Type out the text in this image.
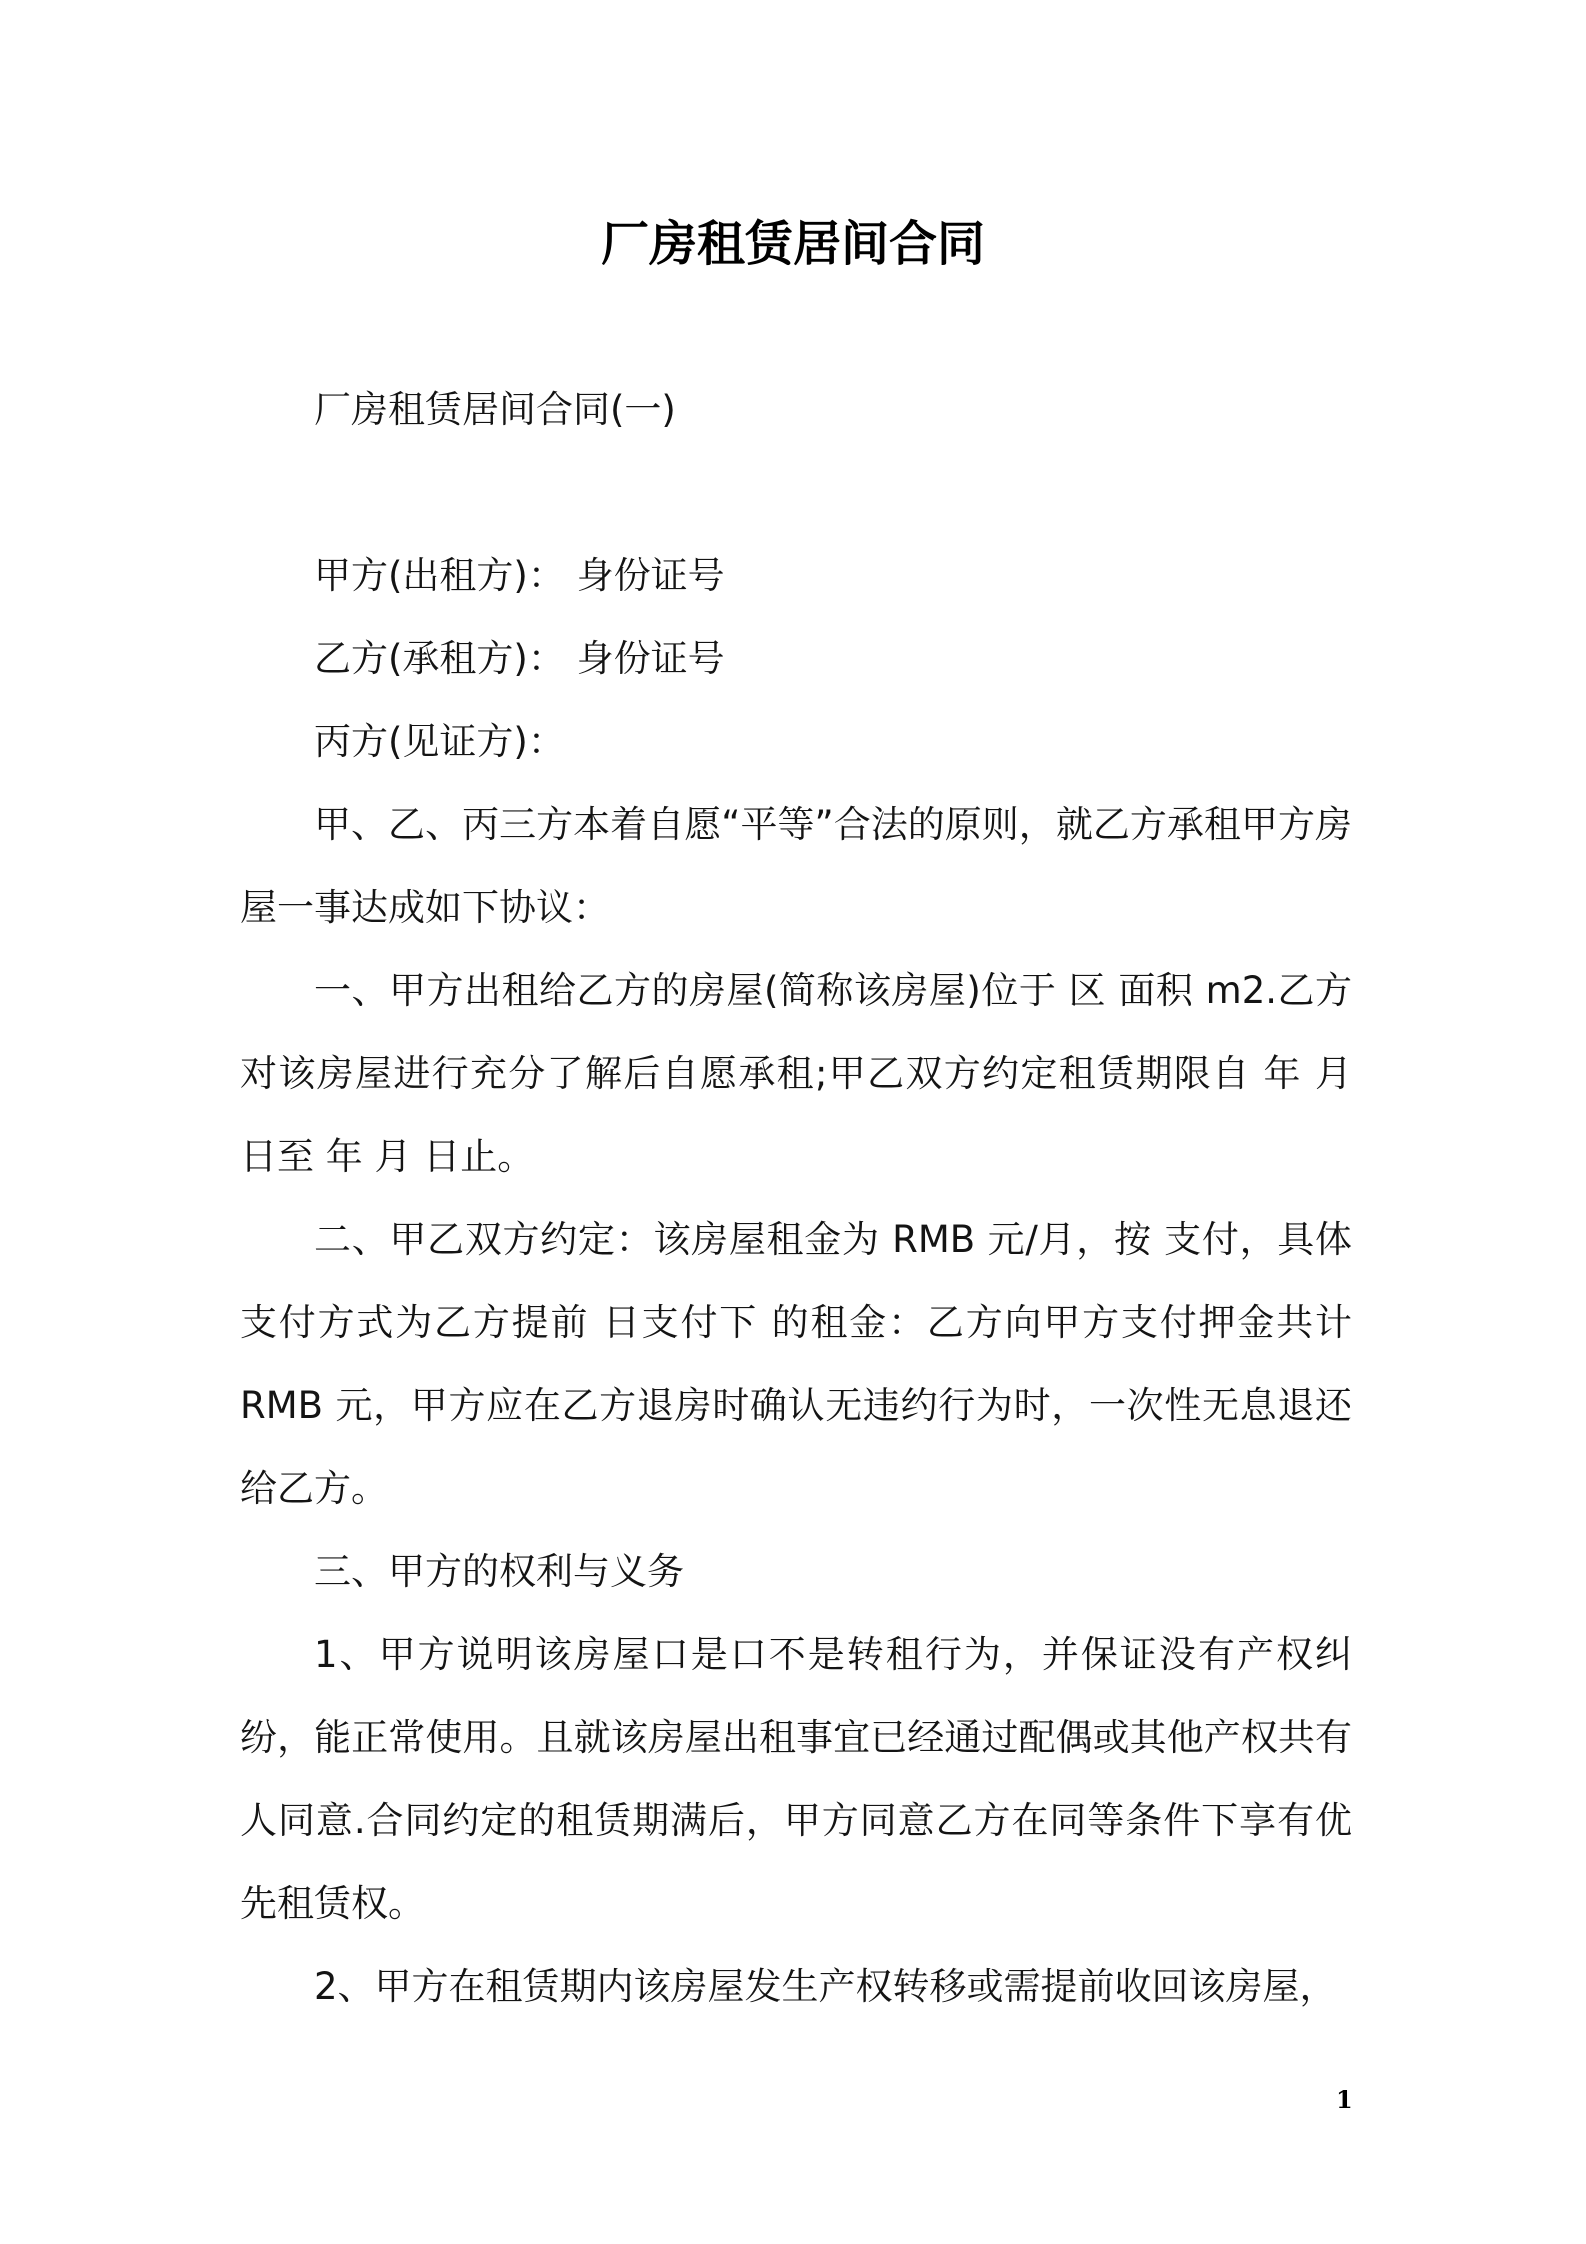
厂房租赁居间合同

厂房租赁居间合同(一)

甲方(出租方)： 身份证号

乙方(承租方)： 身份证号

丙方(见证方)：

甲、乙、丙三方本着自愿“平等”合法的原则，就乙方承租甲方房屋一事达成如下协议：

一、甲方出租给乙方的房屋(简称该房屋)位于 区 面积 m2.乙方对该房屋进行充分了解后自愿承租;甲乙双方约定租赁期限自 年 月 日至 年 月 日止。

二、甲乙双方约定：该房屋租金为 RMB 元/月，按 支付，具体支付方式为乙方提前 日支付下 的租金：乙方向甲方支付押金共计 RMB 元，甲方应在乙方退房时确认无违约行为时，一次性无息退还给乙方。

三、甲方的权利与义务

1、甲方说明该房屋口是口不是转租行为，并保证没有产权纠纷，能正常使用。且就该房屋出租事宜已经通过配偶或其他产权共有人同意.合同约定的租赁期满后，甲方同意乙方在同等条件下享有优先租赁权。

2、甲方在租赁期内该房屋发生产权转移或需提前收回该房屋，

1
